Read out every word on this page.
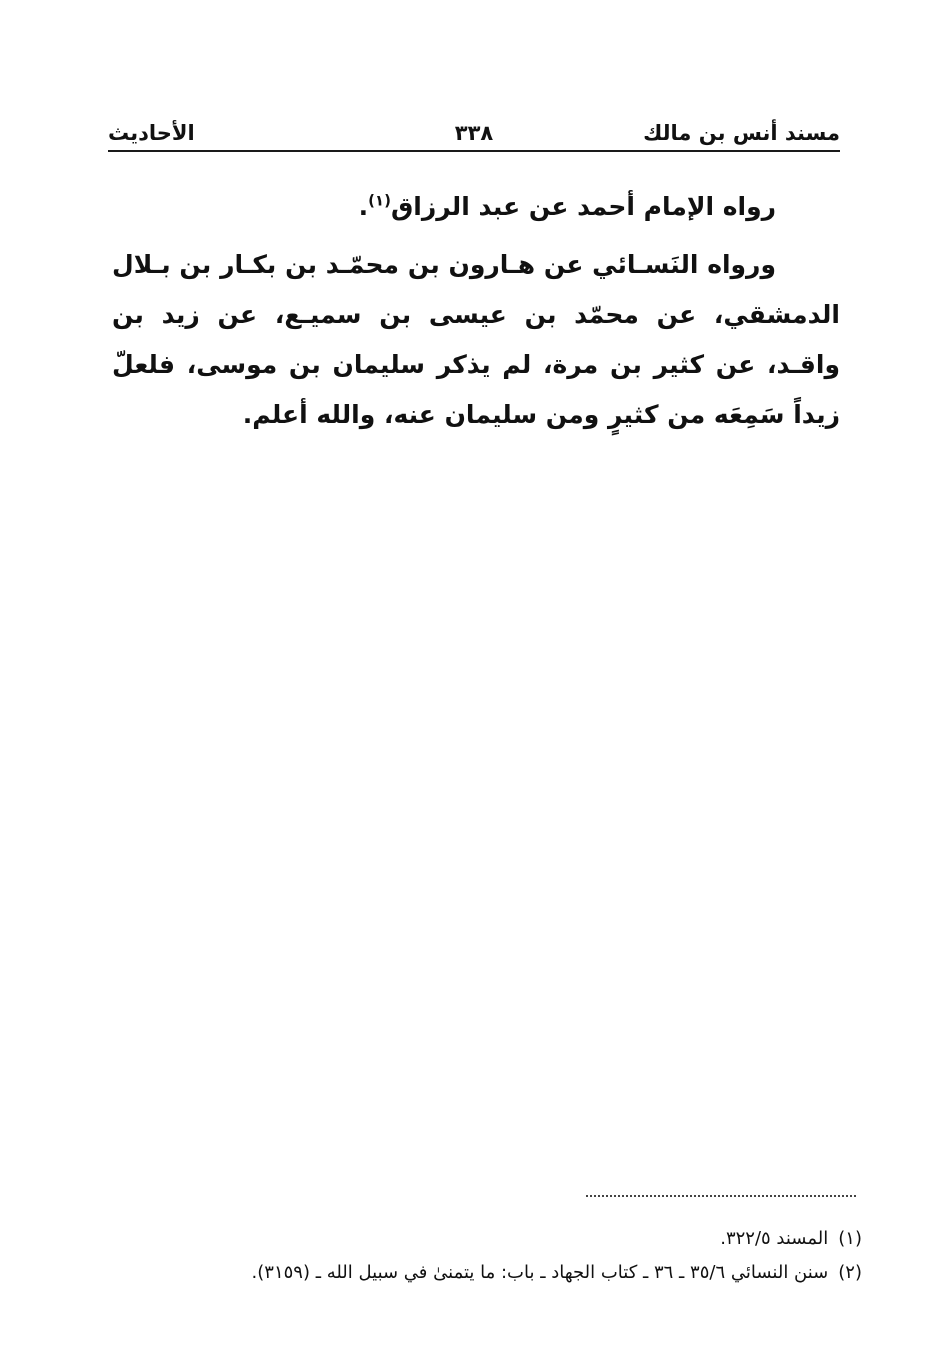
مسند أنس بن مالك
الأحاديث	٣٣٨

رواه الإمام أحمد عن عبد الرزاق$^{(١)}$.

ورواه النَسـائي عن هـارون بن محمّـد بن بكـار بن بـلال الدمشقي، عن محمّد بن عيسى بن سميـع، عن زيد بن واقـد، عن كثير بن مرة، لم يذكر سليمان بن موسى، فلعلّ زيداً سَمِعَه من كثيرٍ ومن سليمان عنه، والله أعلم.

(١)المسند ٣٢٢/٥.

(٢)سنن النسائي ٣٥/٦ ـ ٣٦ ـ كتاب الجهاد ـ باب: ما يتمنىٰ في سبيل الله ـ (٣١٥٩).
